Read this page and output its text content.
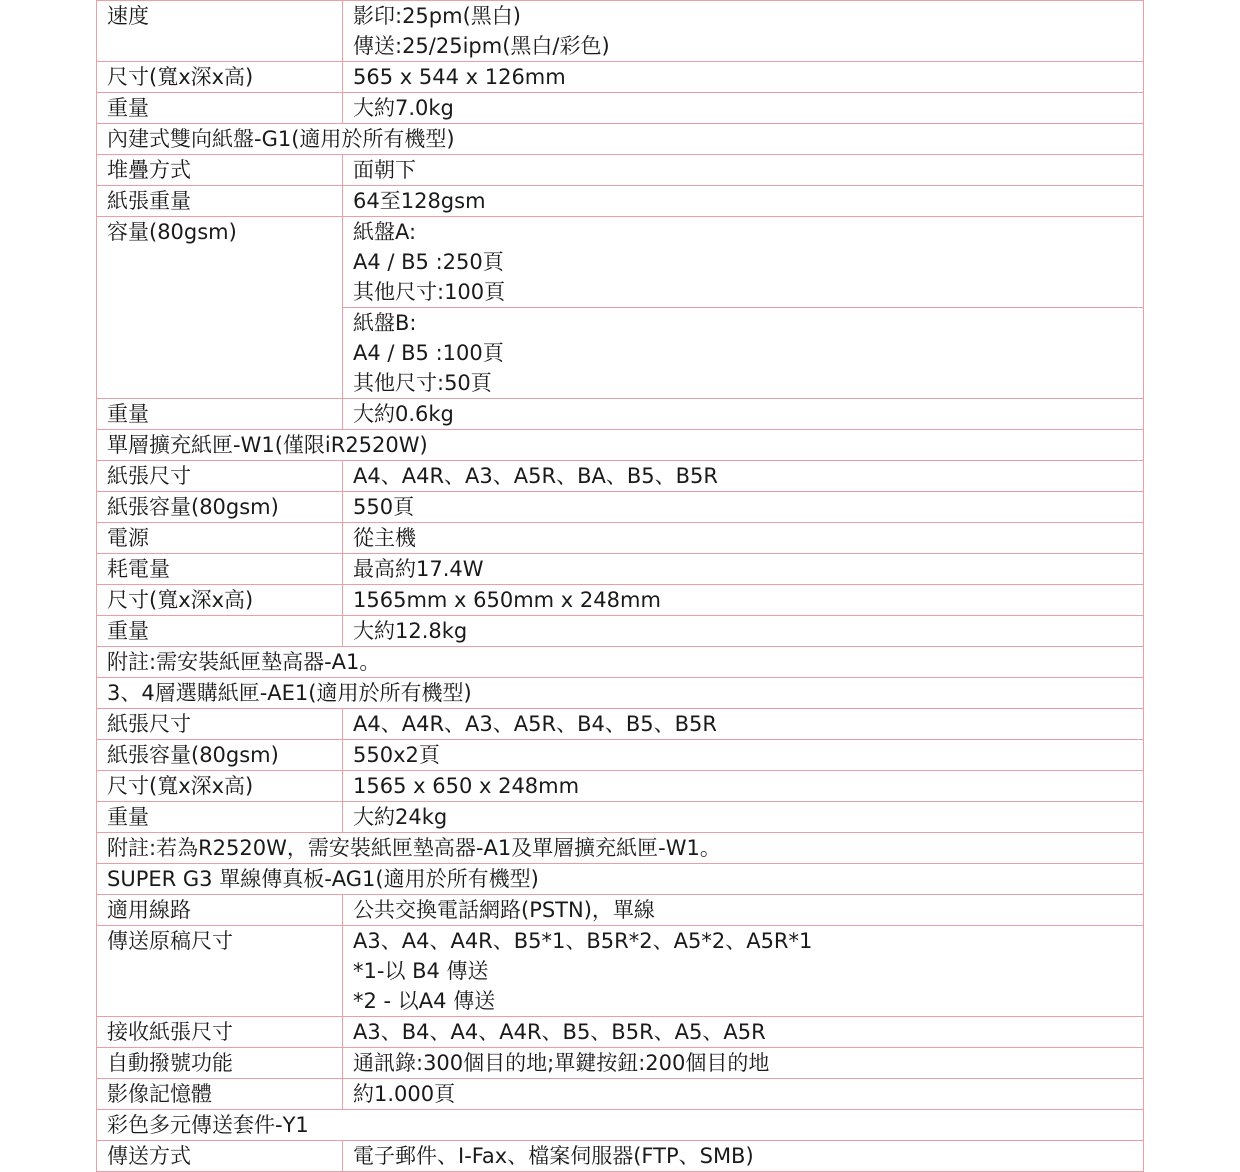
速度	影印:25pm(黑白)
傳送:25/25ipm(黑白/彩色)
尺寸(寬x深x高)	565 x 544 x 126mm
重量	大約7.0kg
內建式雙向紙盤-G1(適用於所有機型)
堆疊方式	面朝下
紙張重量	64至128gsm
容量(80gsm)	紙盤A:
A4 / B5 :250頁
其他尺寸:100頁
紙盤B:
A4 / B5 :100頁
其他尺寸:50頁
重量	大約0.6kg
單層擴充紙匣-W1(僅限iR2520W)
紙張尺寸	A4、A4R、A3、A5R、BA、B5、B5R
紙張容量(80gsm)	550頁
電源	從主機
耗電量	最高約17.4W
尺寸(寬x深x高)	1565mm x 650mm x 248mm
重量	大約12.8kg
附註:需安裝紙匣墊高器-A1。
3、4層選購紙匣-AE1(適用於所有機型)
紙張尺寸	A4、A4R、A3、A5R、B4、B5、B5R
紙張容量(80gsm)	550x2頁
尺寸(寬x深x高)	1565 x 650 x 248mm
重量	大約24kg
附註:若為R2520W，需安裝紙匣墊高器-A1及單層擴充紙匣-W1。
SUPER G3 單線傳真板-AG1(適用於所有機型)
適用線路	公共交換電話網路(PSTN)，單線
傳送原稿尺寸	A3、A4、A4R、B5*1、B5R*2、A5*2、A5R*1
*1-以 B4 傳送
*2 - 以A4 傳送
接收紙張尺寸	A3、B4、A4、A4R、B5、B5R、A5、A5R
自動撥號功能	通訊錄:300個目的地;單鍵按鈕:200個目的地
影像記憶體	約1.000頁
彩色多元傳送套件-Y1
傳送方式	電子郵件、I-Fax、檔案伺服器(FTP、SMB)
